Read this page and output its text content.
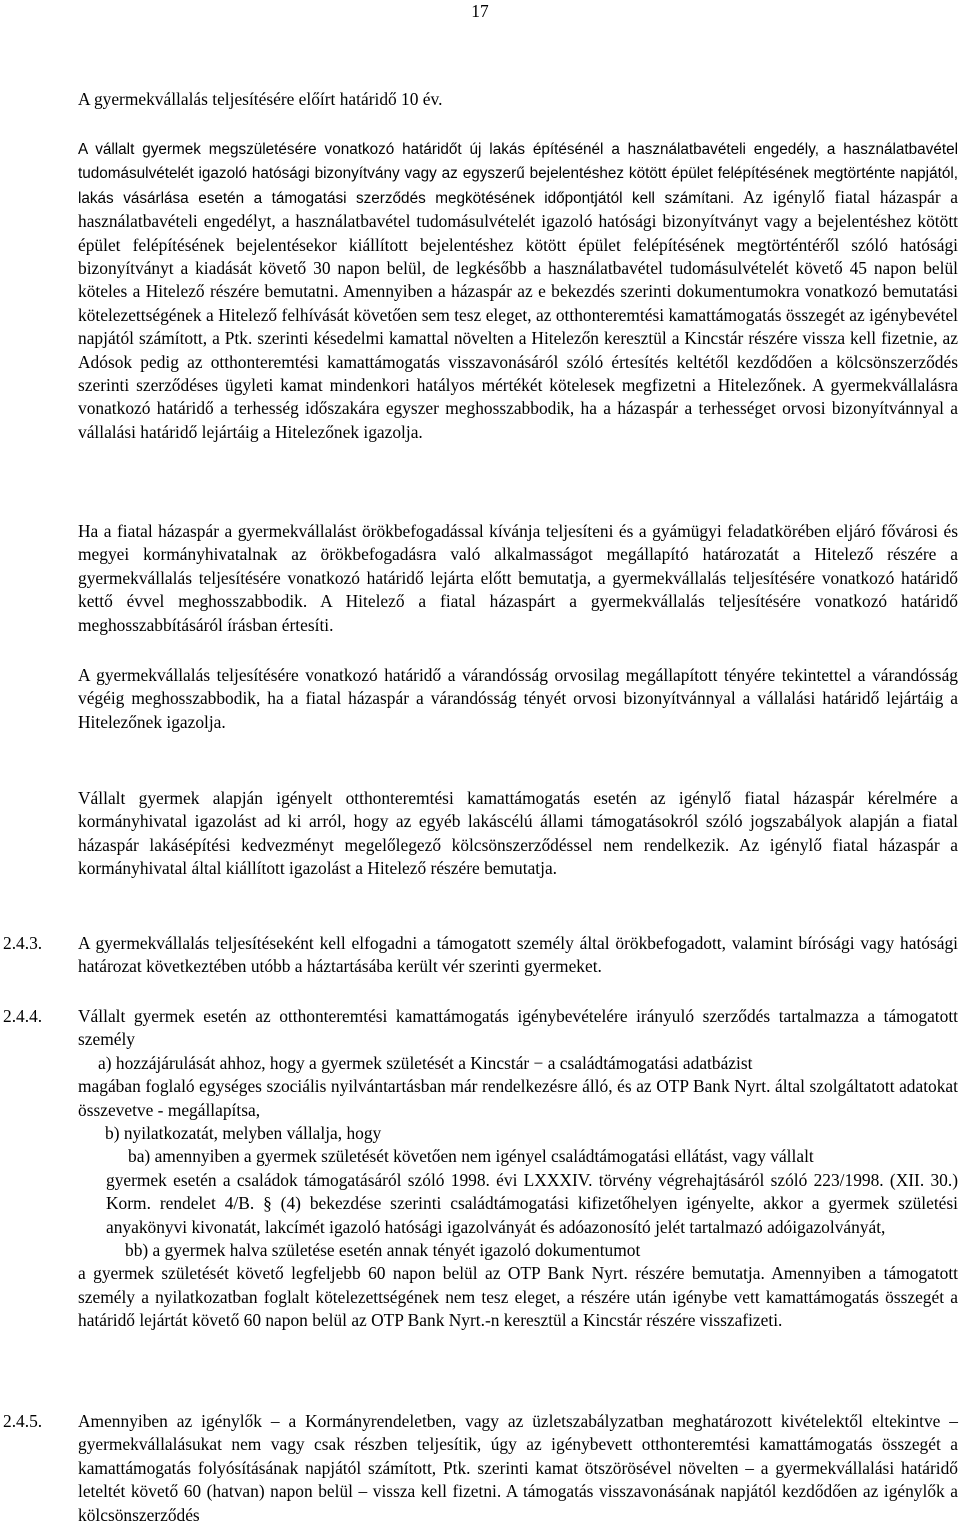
17

A gyermekvállalás teljesítésére előírt határidő 10 év.

A vállalt gyermek megszületésére vonatkozó határidőt új lakás építésénél a használatbavételi engedély, a használatbavétel tudomásulvételét igazoló hatósági bizonyítvány vagy az egyszerű bejelentéshez kötött épület felépítésének megtörténte napjától, lakás vásárlása esetén a támogatási szerződés megkötésének időpontjától kell számítani. Az igénylő fiatal házaspár a használatbavételi engedélyt, a használatbavétel tudomásulvételét igazoló hatósági bizonyítványt vagy a bejelentéshez kötött épület felépítésének bejelentésekor kiállított bejelentéshez kötött épület felépítésének megtörténtéről szóló hatósági bizonyítványt a kiadását követő 30 napon belül, de legkésőbb a használatbavétel tudomásulvételét követő 45 napon belül köteles a Hitelező részére bemutatni. Amennyiben a házaspár az e bekezdés szerinti dokumentumokra vonatkozó bemutatási kötelezettségének a Hitelező felhívását követően sem tesz eleget, az otthonteremtési kamattámogatás összegét az igénybevétel napjától számított, a Ptk. szerinti késedelmi kamattal növelten a Hitelezőn keresztül a Kincstár részére vissza kell fizetnie, az Adósok pedig az otthonteremtési kamattámogatás visszavonásáról szóló értesítés keltétől kezdődően a kölcsönszerződés szerinti szerződéses ügyleti kamat mindenkori hatályos mértékét kötelesek megfizetni a Hitelezőnek. A gyermekvállalásra vonatkozó határidő a terhesség időszakára egyszer meghosszabbodik, ha a házaspár a terhességet orvosi bizonyítvánnyal a vállalási határidő lejártáig a Hitelezőnek igazolja.

Ha a fiatal házaspár a gyermekvállalást örökbefogadással kívánja teljesíteni és a gyámügyi feladatkörében eljáró fővárosi és megyei kormányhivatalnak az örökbefogadásra való alkalmasságot megállapító határozatát a Hitelező részére a gyermekvállalás teljesítésére vonatkozó határidő lejárta előtt bemutatja, a gyermekvállalás teljesítésére vonatkozó határidő kettő évvel meghosszabbodik. A Hitelező a fiatal házaspárt a gyermekvállalás teljesítésére vonatkozó határidő meghosszabbításáról írásban értesíti.

A gyermekvállalás teljesítésére vonatkozó határidő a várandósság orvosilag megállapított tényére tekintettel a várandósság végéig meghosszabbodik, ha a fiatal házaspár a várandósság tényét orvosi bizonyítvánnyal a vállalási határidő lejártáig a Hitelezőnek igazolja.

Vállalt gyermek alapján igényelt otthonteremtési kamattámogatás esetén az igénylő fiatal házaspár kérelmére a kormányhivatal igazolást ad ki arról, hogy az egyéb lakáscélú állami támogatásokról szóló jogszabályok alapján a fiatal házaspár lakásépítési kedvezményt megelőlegező kölcsönszerződéssel nem rendelkezik. Az igénylő fiatal házaspár a kormányhivatal által kiállított igazolást a Hitelező részére bemutatja.

2.4.3.	A gyermekvállalás teljesítéseként kell elfogadni a támogatott személy által örökbefogadott, valamint bírósági vagy hatósági határozat következtében utóbb a háztartásába került vér szerinti gyermeket.

2.4.4.	Vállalt gyermek esetén az otthonteremtési kamattámogatás igénybevételére irányuló szerződés tartalmazza a támogatott személy

a) hozzájárulását ahhoz, hogy a gyermek születését a Kincstár − a családtámogatási adatbázist
magában foglaló egységes szociális nyilvántartásban már rendelkezésre álló, és az OTP Bank Nyrt. által szolgáltatott adatokat összevetve - megállapítsa,

b) nyilatkozatát, melyben vállalja, hogy

ba) amennyiben a gyermek születését követően nem igényel családtámogatási ellátást, vagy vállalt
gyermek esetén a családok támogatásáról szóló 1998. évi LXXXIV. törvény végrehajtásáról szóló 223/1998. (XII. 30.) Korm. rendelet 4/B. § (4) bekezdése szerinti családtámogatási kifizetőhelyen igényelte, akkor a gyermek születési anyakönyvi kivonatát, lakcímét igazoló hatósági igazolványát és adóazonosító jelét tartalmazó adóigazolványát,

bb) a gyermek halva születése esetén annak tényét igazoló dokumentumot

a gyermek születését követő legfeljebb 60 napon belül az OTP Bank Nyrt. részére bemutatja. Amennyiben a támogatott személy a nyilatkozatban foglalt kötelezettségének nem tesz eleget, a részére után igénybe vett kamattámogatás összegét a határidő lejártát követő 60 napon belül az OTP Bank Nyrt.-n keresztül a Kincstár részére visszafizeti.

2.4.5.	Amennyiben az igénylők – a Kormányrendeletben, vagy az üzletszabályzatban meghatározott kivételektől eltekintve – gyermekvállalásukat nem vagy csak részben teljesítik, úgy az igénybevett otthonteremtési kamattámogatás összegét a kamattámogatás folyósításának napjától számított, Ptk. szerinti kamat ötszörösével növelten – a gyermekvállalási határidő leteltét követő 60 (hatvan) napon belül – vissza kell fizetni. A támogatás visszavonásának napjától kezdődően az igénylők a kölcsönszerződés
